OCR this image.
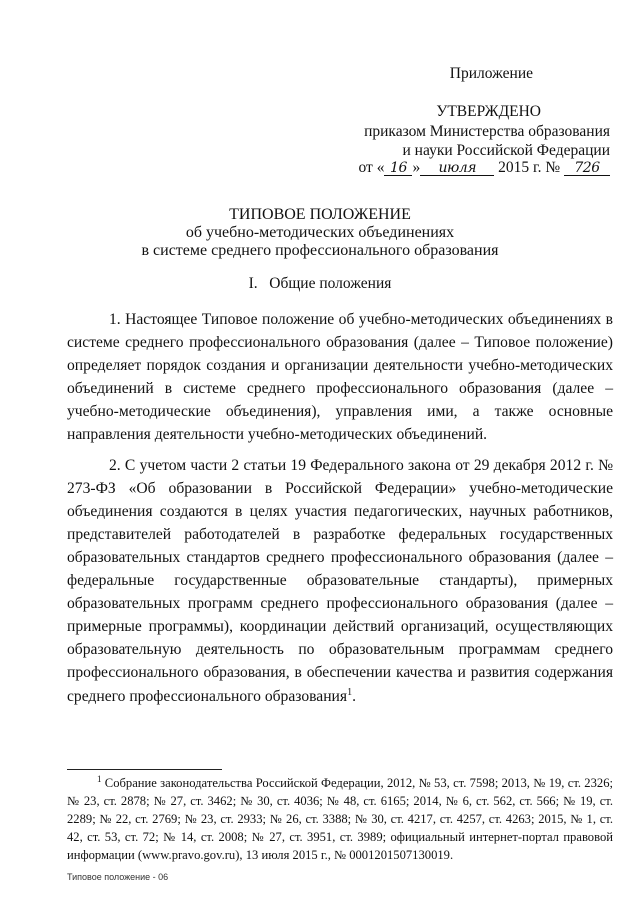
Приложение
УТВЕРЖДЕНО
приказом Министерства образования
и науки Российской Федерации
от « 16 » июля 2015 г. № 726
ТИПОВОЕ ПОЛОЖЕНИЕ
об учебно-методических объединениях
в системе среднего профессионального образования
I.   Общие положения

1. Настоящее Типовое положение об учебно-методических объединениях в системе среднего профессионального образования (далее – Типовое положение) определяет порядок создания и организации деятельности учебно-методических объединений в системе среднего профессионального образования (далее – учебно-методические объединения), управления ими, а также основные направления деятельности учебно-методических объединений.

2. С учетом части 2 статьи 19 Федерального закона от 29 декабря 2012 г. № 273-ФЗ «Об образовании в Российской Федерации» учебно-методические объединения создаются в целях участия педагогических, научных работников, представителей работодателей в разработке федеральных государственных образовательных стандартов среднего профессионального образования (далее – федеральные государственные образовательные стандарты), примерных образовательных программ среднего профессионального образования (далее – примерные программы), координации действий организаций, осуществляющих образовательную деятельность по образовательным программам среднего профессионального образования, в обеспечении качества и развития содержания среднего профессионального образования$^1$.

$^1$ Собрание законодательства Российской Федерации, 2012, № 53, ст. 7598; 2013, № 19, ст. 2326; № 23, ст. 2878; № 27, ст. 3462; № 30, ст. 4036; № 48, ст. 6165; 2014, № 6, ст. 562, ст. 566; № 19, ст. 2289; № 22, ст. 2769; № 23, ст. 2933; № 26, ст. 3388; № 30, ст. 4217, ст. 4257, ст. 4263; 2015, № 1, ст. 42, ст. 53, ст. 72; № 14, ст. 2008; № 27, ст. 3951, ст. 3989; официальный интернет-портал правовой информации (www.pravo.gov.ru), 13 июля 2015 г., № 0001201507130019.

Типовое положение - 06
